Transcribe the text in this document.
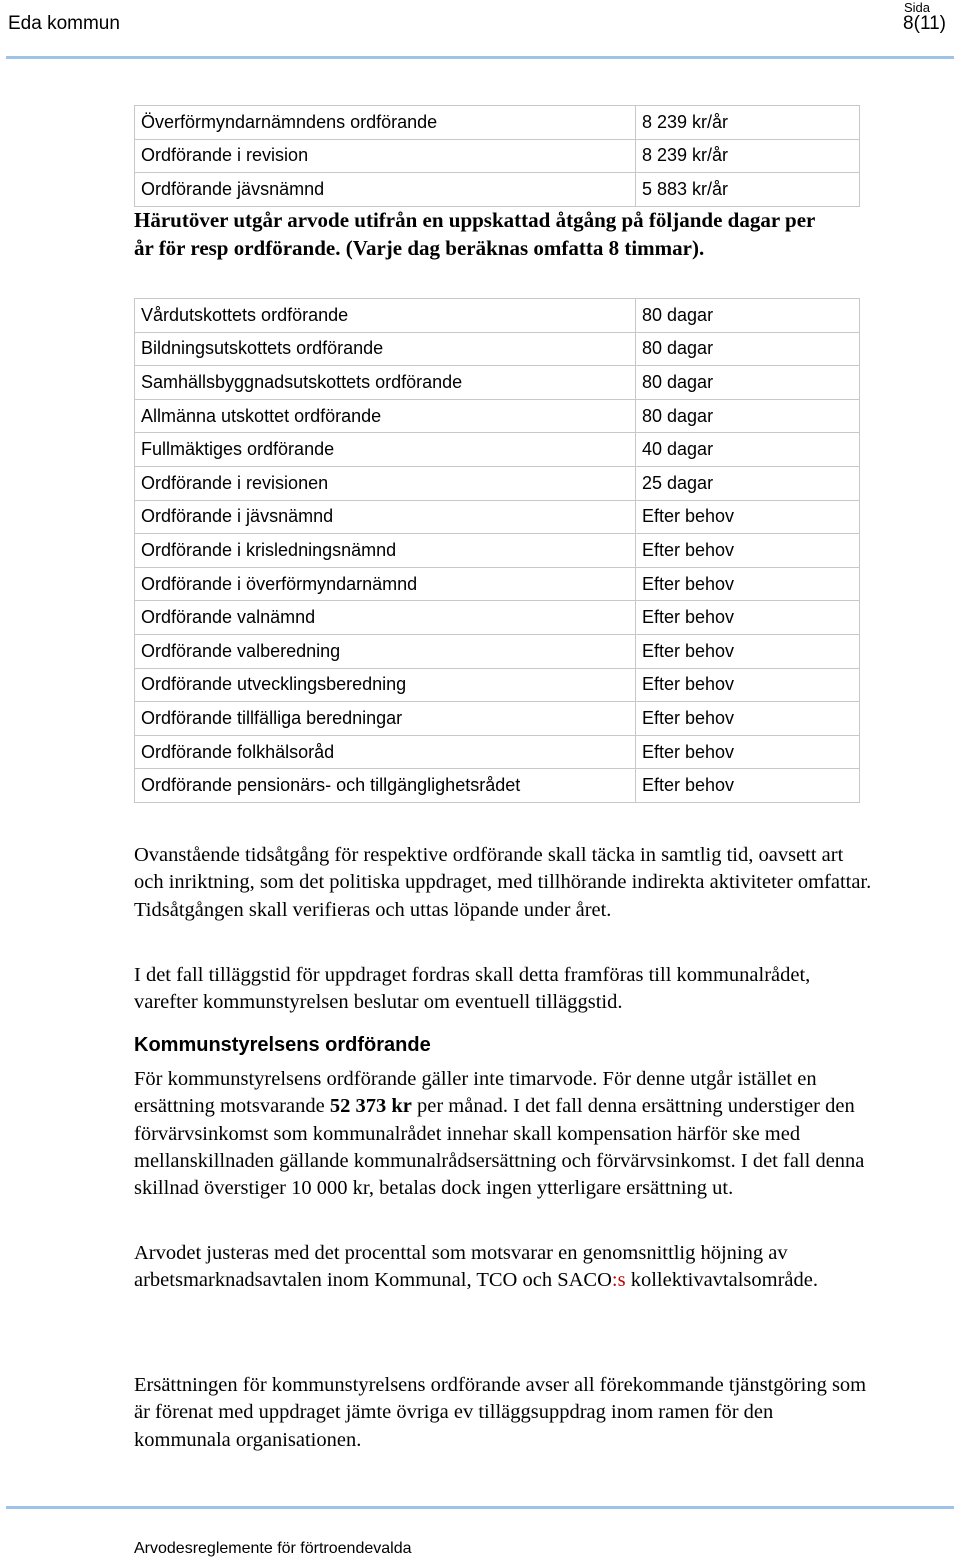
Eda kommun
Sida
8(11)
Överförmyndarnämndens ordförande	8 239 kr/år
Ordförande i revision	8 239 kr/år
Ordförande jävsnämnd	5 883 kr/år
Härutöver utgår arvode utifrån en uppskattad åtgång på följande dagar per år för resp ordförande. (Varje dag beräknas omfatta 8 timmar).
Vårdutskottets ordförande	80 dagar
Bildningsutskottets ordförande	80 dagar
Samhällsbyggnadsutskottets ordförande	80 dagar
Allmänna utskottet ordförande	80 dagar
Fullmäktiges ordförande	40 dagar
Ordförande i revisionen	25 dagar
Ordförande i jävsnämnd	Efter behov
Ordförande i krisledningsnämnd	Efter behov
Ordförande i överförmyndarnämnd	Efter behov
Ordförande valnämnd	Efter behov
Ordförande valberedning	Efter behov
Ordförande utvecklingsberedning	Efter behov
Ordförande tillfälliga beredningar	Efter behov
Ordförande folkhälsoråd	Efter behov
Ordförande pensionärs- och tillgänglighetsrådet	Efter behov
Ovanstående tidsåtgång för respektive ordförande skall täcka in samtlig tid, oavsett art och inriktning, som det politiska uppdraget, med tillhörande indirekta aktiviteter omfattar. Tidsåtgången skall verifieras och uttas löpande under året.
I det fall tilläggstid för uppdraget fordras skall detta framföras till kommunalrådet, varefter kommunstyrelsen beslutar om eventuell tilläggstid.
Kommunstyrelsens ordförande
För kommunstyrelsens ordförande gäller inte timarvode. För denne utgår istället en ersättning motsvarande 52 373 kr per månad. I det fall denna ersättning understiger den förvärvsinkomst som kommunalrådet innehar skall kompensation härför ske med mellanskillnaden gällande kommunalrådsersättning och förvärvsinkomst. I det fall denna skillnad överstiger 10 000 kr, betalas dock ingen ytterligare ersättning ut.
Arvodet justeras med det procenttal som motsvarar en genomsnittlig höjning av arbetsmarknadsavtalen inom Kommunal, TCO och SACO:s kollektivavtalsområde.
Ersättningen för kommunstyrelsens ordförande avser all förekommande tjänstgöring som är förenat med uppdraget jämte övriga ev tilläggsuppdrag inom ramen för den kommunala organisationen.
Arvodesreglemente för förtroendevalda
